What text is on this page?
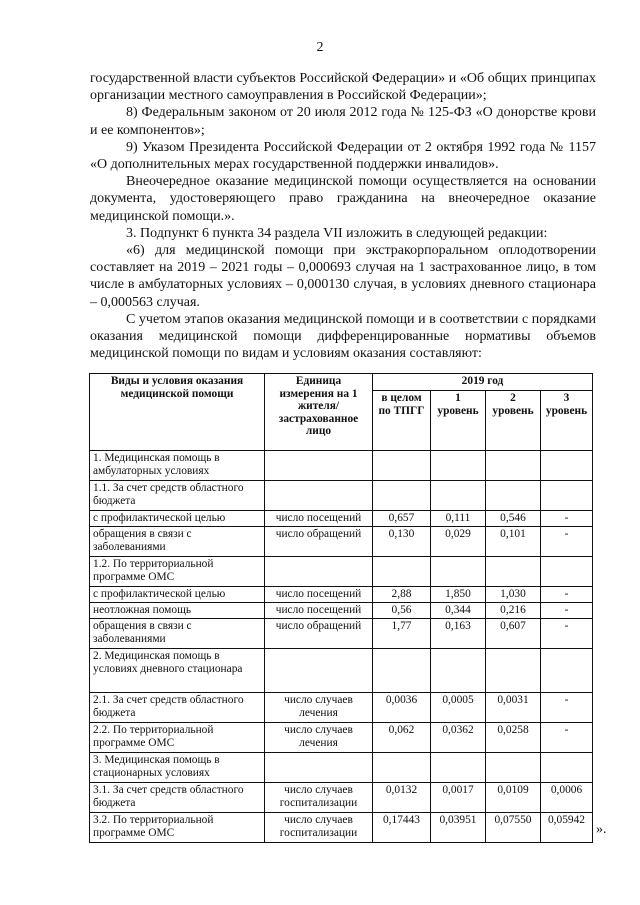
2

государственной власти субъектов Российской Федерации» и «Об общих принципах организации местного самоуправления в Российской Федерации»;

8) Федеральным законом от 20 июля 2012 года № 125-ФЗ «О донорстве крови и ее компонентов»;

9) Указом Президента Российской Федерации от 2 октября 1992 года № 1157 «О дополнительных мерах государственной поддержки инвалидов».

Внеочередное оказание медицинской помощи осуществляется на основании документа, удостоверяющего право гражданина на внеочередное оказание медицинской помощи.».

3. Подпункт 6 пункта 34 раздела VII изложить в следующей редакции:

«6) для медицинской помощи при экстракорпоральном оплодотворении составляет на 2019 – 2021 годы – 0,000693 случая на 1 застрахованное лицо, в том числе в амбулаторных условиях – 0,000130 случая, в условиях дневного стационара – 0,000563 случая.

С учетом этапов оказания медицинской помощи и в соответствии с порядками оказания медицинской помощи дифференцированные нормативы объемов медицинской помощи по видам и условиям оказания составляют:

Виды и условия оказания медицинской помощи	Единица измерения на 1 жителя/ застрахованное лицо	2019 год			
		в целом по ТПГГ	1 уровень	2 уровень	3 уровень
1. Медицинская помощь в амбулаторных условиях					
1.1. За счет средств областного бюджета					
с профилактической целью	число посещений	0,657	0,111	0,546	-
обращения в связи с заболеваниями	число обращений	0,130	0,029	0,101	-
1.2. По территориальной программе ОМС					
с профилактической целью	число посещений	2,88	1,850	1,030	-
неотложная помощь	число посещений	0,56	0,344	0,216	-
обращения в связи с заболеваниями	число обращений	1,77	0,163	0,607	-
2. Медицинская помощь в условиях дневного стационара					
2.1. За счет средств областного бюджета	число случаев лечения	0,0036	0,0005	0,0031	-
2.2. По территориальной программе ОМС	число случаев лечения	0,062	0,0362	0,0258	-
3. Медицинская помощь в стационарных условиях					
3.1. За счет средств областного бюджета	число случаев госпитализации	0,0132	0,0017	0,0109	0,0006
3.2. По территориальной программе ОМС	число случаев госпитализации	0,17443	0,03951	0,07550	0,05942
».
